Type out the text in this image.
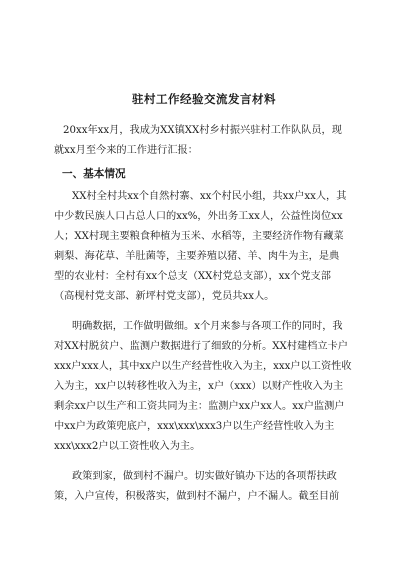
驻村工作经验交流发言材料
20xx年xx月，我成为XX镇XX村乡村振兴驻村工作队队员，现
就xx月至今来的工作进行汇报：
一、基本情况
XX村全村共xx个自然村寨、xx个村民小组，共xx户xx人，其
中少数民族人口占总人口的xx%，外出务工xx人，公益性岗位xx
人；XX村现主要粮食种植为玉米、水稻等，主要经济作物有藏菜
刺梨、海花草、羊肚菌等，主要养殖以猪、羊、肉牛为主，是典
型的农业村：全村有xx个总支（XX村党总支部），xx个党支部
（高枧村党支部、新坪村党支部），党员共xx人。
明确数据，工作做明做细。x个月来参与各项工作的同时，我
对XX村脱贫户、监测户数据进行了细致的分析。XX村建档立卡户
xxx户xxx人，其中xx户以生产经营性收入为主，xxx户以工资性收
入为主，xx户以转移性收入为主，x户（xxx）以财产性收入为主
剩余xx户以生产和工资共同为主：监测户xx户xx人。xx户监测户
中xx户为政策兜底户，xxx\xxx\xxx3户以生产经营性收入为主
xxx\xxx2户以工资性收入为主。
政策到家，做到村不漏户。切实做好镇办下达的各项帮扶政
策，入户宣传，积极落实，做到村不漏户，户不漏人。截至目前
